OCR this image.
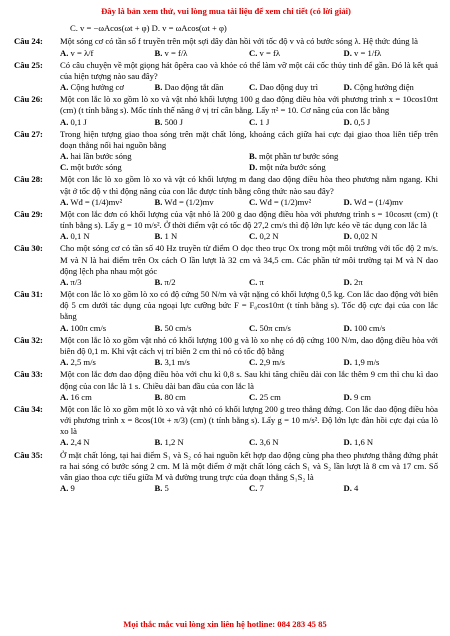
Đây là bản xem thử, vui lòng mua tài liệu để xem chi tiết (có lời giải)
C. v = −ωAcos(ωt + φ) D. v = ωAcos(ωt + φ)
Câu 24:	Một sóng cơ có tần số f truyền trên một sợi dây đàn hồi với tốc độ v và có bước sóng λ. Hệ thức đúng là
A. v = λ/f	B. v = f/λ	C. v = fλ	D. v = 1/fλ
Câu 25:	Có câu chuyện về một giọng hát ôpêra cao và khỏe có thể làm vỡ một cái cốc thủy tinh để gần. Đó là kết quả của hiện tượng nào sau đây?
A. Cộng hưởng cơ	B. Dao động tắt dần	C. Dao động duy trì	D. Cộng hưởng điện
Câu 26:	Một con lắc lò xo gồm lò xo và vật nhỏ khối lượng 100 g dao động điều hòa với phương trình x = 10cos10πt (cm) (t tính bằng s). Mốc tính thế năng ở vị trí cân bằng. Lấy π² = 10. Cơ năng của con lắc bằng
A. 0,1 J	B. 500 J	C. 1 J	D. 0,5 J
Câu 27:	Trong hiện tượng giao thoa sóng trên mặt chất lỏng, khoảng cách giữa hai cực đại giao thoa liên tiếp trên đoạn thẳng nối hai nguồn bằng
A. hai lần bước sóng	B. một phần tư bước sóng
C. một bước sóng	D. một nửa bước sóng
Câu 28:	Một con lắc lò xo gồm lò xo và vật có khối lượng m đang dao động điều hòa theo phương nằm ngang. Khi vật ở tốc độ v thì động năng của con lắc được tính bằng công thức nào sau đây?
A. Wđ = (1/4)mv²	B. Wđ = (1/2)mv	C. Wđ = (1/2)mv²	D. Wđ = (1/4)mv
Câu 29:	Một con lắc đơn có khối lượng của vật nhỏ là 200 g dao động điều hòa với phương trình s = 10cosπt (cm) (t tính bằng s). Lấy g = 10 m/s². Ở thời điểm vật có tốc độ 27,2 cm/s thì độ lớn lực kéo về tác dụng con lắc là
A. 0,1 N	B. 1 N	C. 0,2 N	D. 0,02 N
Câu 30:	Cho một sóng cơ có tần số 40 Hz truyền từ điểm O dọc theo trục Ox trong một môi trường với tốc độ 2 m/s. M và N là hai điểm trên Ox cách O lần lượt là 32 cm và 34,5 cm. Các phần tử môi trường tại M và N dao động lệch pha nhau một góc
A. π/3	B. π/2	C. π	D. 2π
Câu 31:	Một con lắc lò xo gồm lò xo có độ cứng 50 N/m và vật nặng có khối lượng 0,5 kg. Con lắc dao động với biên độ 5 cm dưới tác dụng của ngoại lực cưỡng bức F = F₀cos10πt (t tính bằng s). Tốc độ cực đại của con lắc bằng
A. 100π cm/s	B. 50 cm/s	C. 50π cm/s	D. 100 cm/s
Câu 32:	Một con lắc lò xo gồm vật nhỏ có khối lượng 100 g và lò xo nhẹ có độ cứng 100 N/m, dao động điều hòa với biên độ 0,1 m. Khi vật cách vị trí biên 2 cm thì nó có tốc độ bằng
A. 2,5 m/s	B. 3,1 m/s	C. 2,9 m/s	D. 1,9 m/s
Câu 33:	Một con lắc đơn dao động điều hòa với chu kì 0,8 s. Sau khi tăng chiều dài con lắc thêm 9 cm thì chu kì dao động của con lắc là 1 s. Chiều dài ban đầu của con lắc là
A. 16 cm	B. 80 cm	C. 25 cm	D. 9 cm
Câu 34:	Một con lắc lò xo gồm một lò xo và vật nhỏ có khối lượng 200 g treo thẳng đứng. Con lắc dao động điều hòa với phương trình x = 8cos(10t + π/3) (cm) (t tính bằng s). Lấy g = 10 m/s². Độ lớn lực đàn hồi cực đại của lò xo là
A. 2,4 N	B. 1,2 N	C. 3,6 N	D. 1,6 N
Câu 35:	Ở mặt chất lỏng, tại hai điểm S₁ và S₂ có hai nguồn kết hợp dao động cùng pha theo phương thẳng đứng phát ra hai sóng có bước sóng 2 cm. M là một điểm ở mặt chất lỏng cách S₁ và S₂ lần lượt là 8 cm và 17 cm. Số vân giao thoa cực tiểu giữa M và đường trung trực của đoạn thẳng S₁S₂ là
A. 9	B. 5	C. 7	D. 4
Mọi thắc mắc vui lòng xin liên hệ hotline: 084 283 45 85
